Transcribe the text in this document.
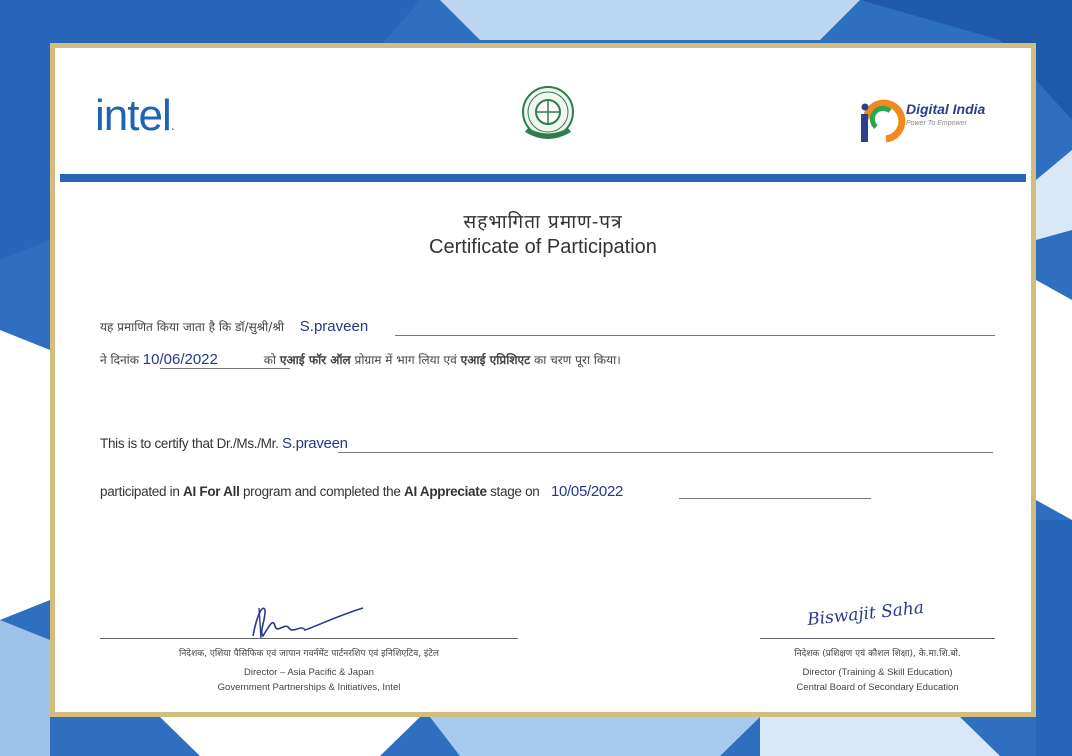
intel.
Digital India
Power To Empower
सहभागिता प्रमाण-पत्र
Certificate of Participation
यह प्रमाणित किया जाता है कि डॉ/सुश्री/श्री S.praveen
ने दिनांक 10/06/2022	को एआई फॉर ऑल प्रोग्राम में भाग लिया एवं एआई एप्रिशिएट का चरण पूरा किया।
This is to certify that Dr./Ms./Mr. S.praveen
participated in AI For All program and completed the AI Appreciate stage on 10/05/2022
निदेशक, एशिया पैसिफिक एवं जापान गवर्नमेंट पार्टनरशिप एवं इनिशिएटिव, इंटेल
Director – Asia Pacific & Japan
Government Partnerships & Initiatives, Intel
Biswajit Saha
निदेशक (प्रशिक्षण एवं कौशल शिक्षा), के.मा.शि.बो.
Director (Training & Skill Education)
Central Board of Secondary Education
